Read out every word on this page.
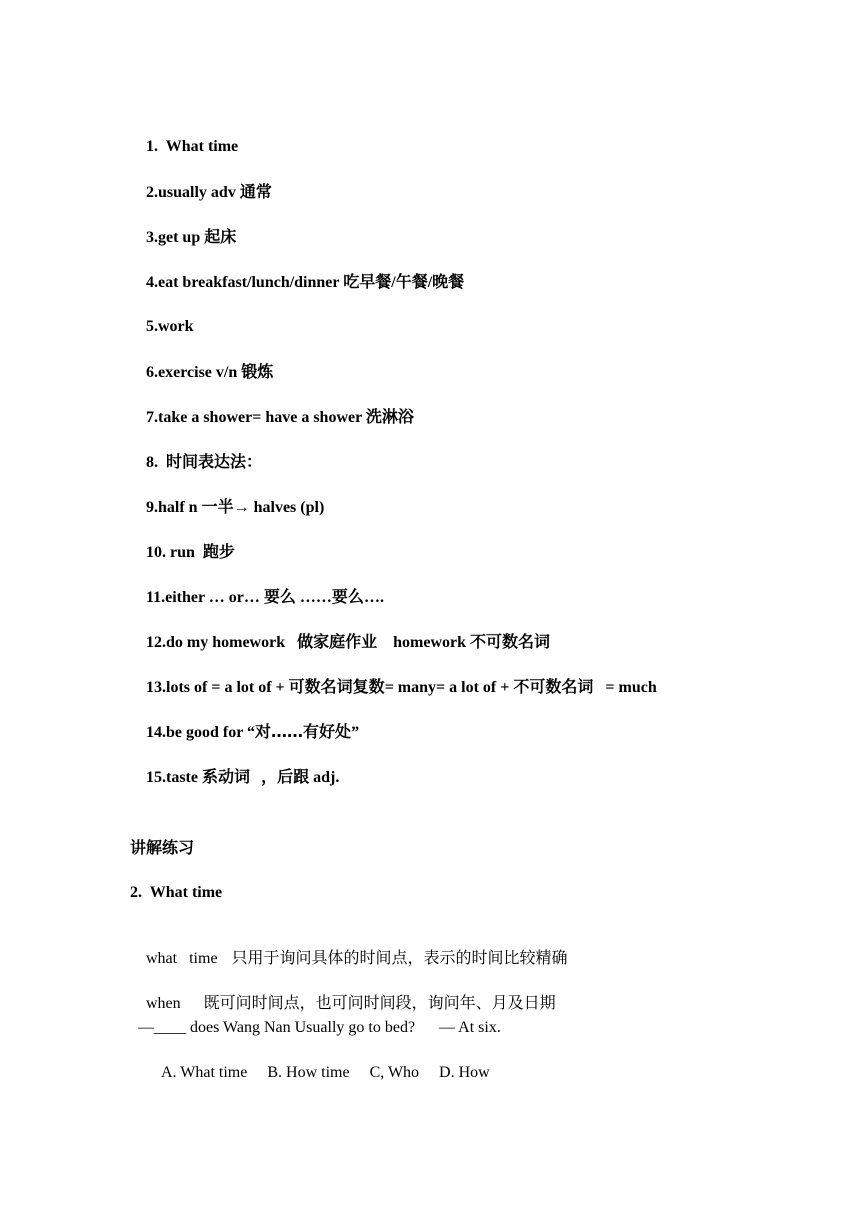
1.  What time

2.usually adv 通常

3.get up 起床

4.eat breakfast/lunch/dinner 吃早餐/午餐/晚餐

5.work

6.exercise v/n 锻炼

7.take a shower= have a shower 洗淋浴

8.  时间表达法：

9.half n 一半→ halves (pl)

10. run  跑步

11.either … or… 要么 ……要么….

12.do my homework   做家庭作业    homework 不可数名词

13.lots of = a lot of + 可数名词复数= many= a lot of + 不可数名词   = much

14.be good for “对……有好处”

15.taste 系动词  ，后跟 adj.

讲解练习
2.  What time

what   time 只用于询问具体的时间点，表示的时间比较精确

when 既可问时间点，也可问时间段，询问年、月及日期

—____ does Wang Nan Usually go to bed?      — At six.
A. What time     B. How time     C, Who     D. How
